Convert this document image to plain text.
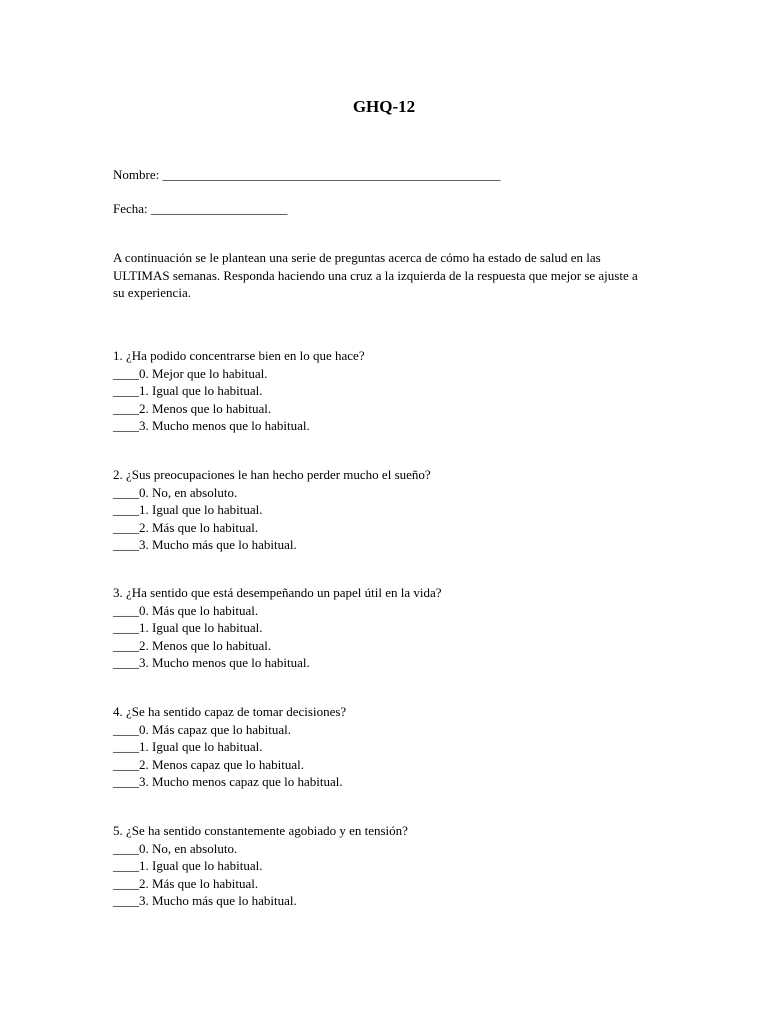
GHQ-12
Nombre: ____________________________________________________
Fecha: _____________________
A continuación se le plantean una serie de preguntas acerca de cómo ha estado de salud en las ULTIMAS semanas. Responda haciendo una cruz a la izquierda de la respuesta que mejor se ajuste a su experiencia.
1. ¿Ha podido concentrarse bien en lo que hace?
____0. Mejor que lo habitual.
____1. Igual que lo habitual.
____2. Menos que lo habitual.
____3. Mucho menos que lo habitual.
2. ¿Sus preocupaciones le han hecho perder mucho el sueño?
____0. No, en absoluto.
____1. Igual que lo habitual.
____2. Más que lo habitual.
____3. Mucho más que lo habitual.
3. ¿Ha sentido que está desempeñando un papel útil en la vida?
____0. Más que lo habitual.
____1. Igual que lo habitual.
____2. Menos que lo habitual.
____3. Mucho menos que lo habitual.
4. ¿Se ha sentido capaz de tomar decisiones?
____0. Más capaz que lo habitual.
____1. Igual que lo habitual.
____2. Menos capaz que lo habitual.
____3. Mucho menos capaz que lo habitual.
5. ¿Se ha sentido constantemente agobiado y en tensión?
____0. No, en absoluto.
____1. Igual que lo habitual.
____2. Más que lo habitual.
____3. Mucho más que lo habitual.
